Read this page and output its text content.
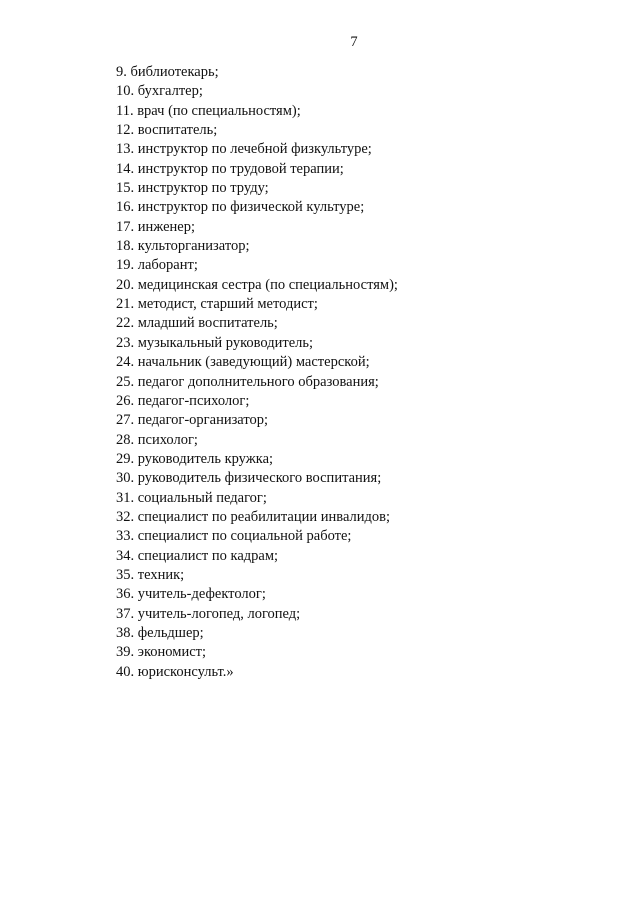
7
9. библиотекарь;
10. бухгалтер;
11. врач (по специальностям);
12. воспитатель;
13. инструктор по лечебной физкультуре;
14. инструктор по трудовой терапии;
15. инструктор по труду;
16. инструктор по физической культуре;
17. инженер;
18. культорганизатор;
19. лаборант;
20. медицинская сестра (по специальностям);
21. методист, старший методист;
22. младший воспитатель;
23. музыкальный руководитель;
24. начальник (заведующий) мастерской;
25. педагог дополнительного образования;
26. педагог-психолог;
27. педагог-организатор;
28. психолог;
29. руководитель кружка;
30. руководитель физического воспитания;
31. социальный педагог;
32. специалист по реабилитации инвалидов;
33. специалист по социальной работе;
34. специалист по кадрам;
35. техник;
36. учитель-дефектолог;
37. учитель-логопед, логопед;
38. фельдшер;
39. экономист;
40. юрисконсульт.»
